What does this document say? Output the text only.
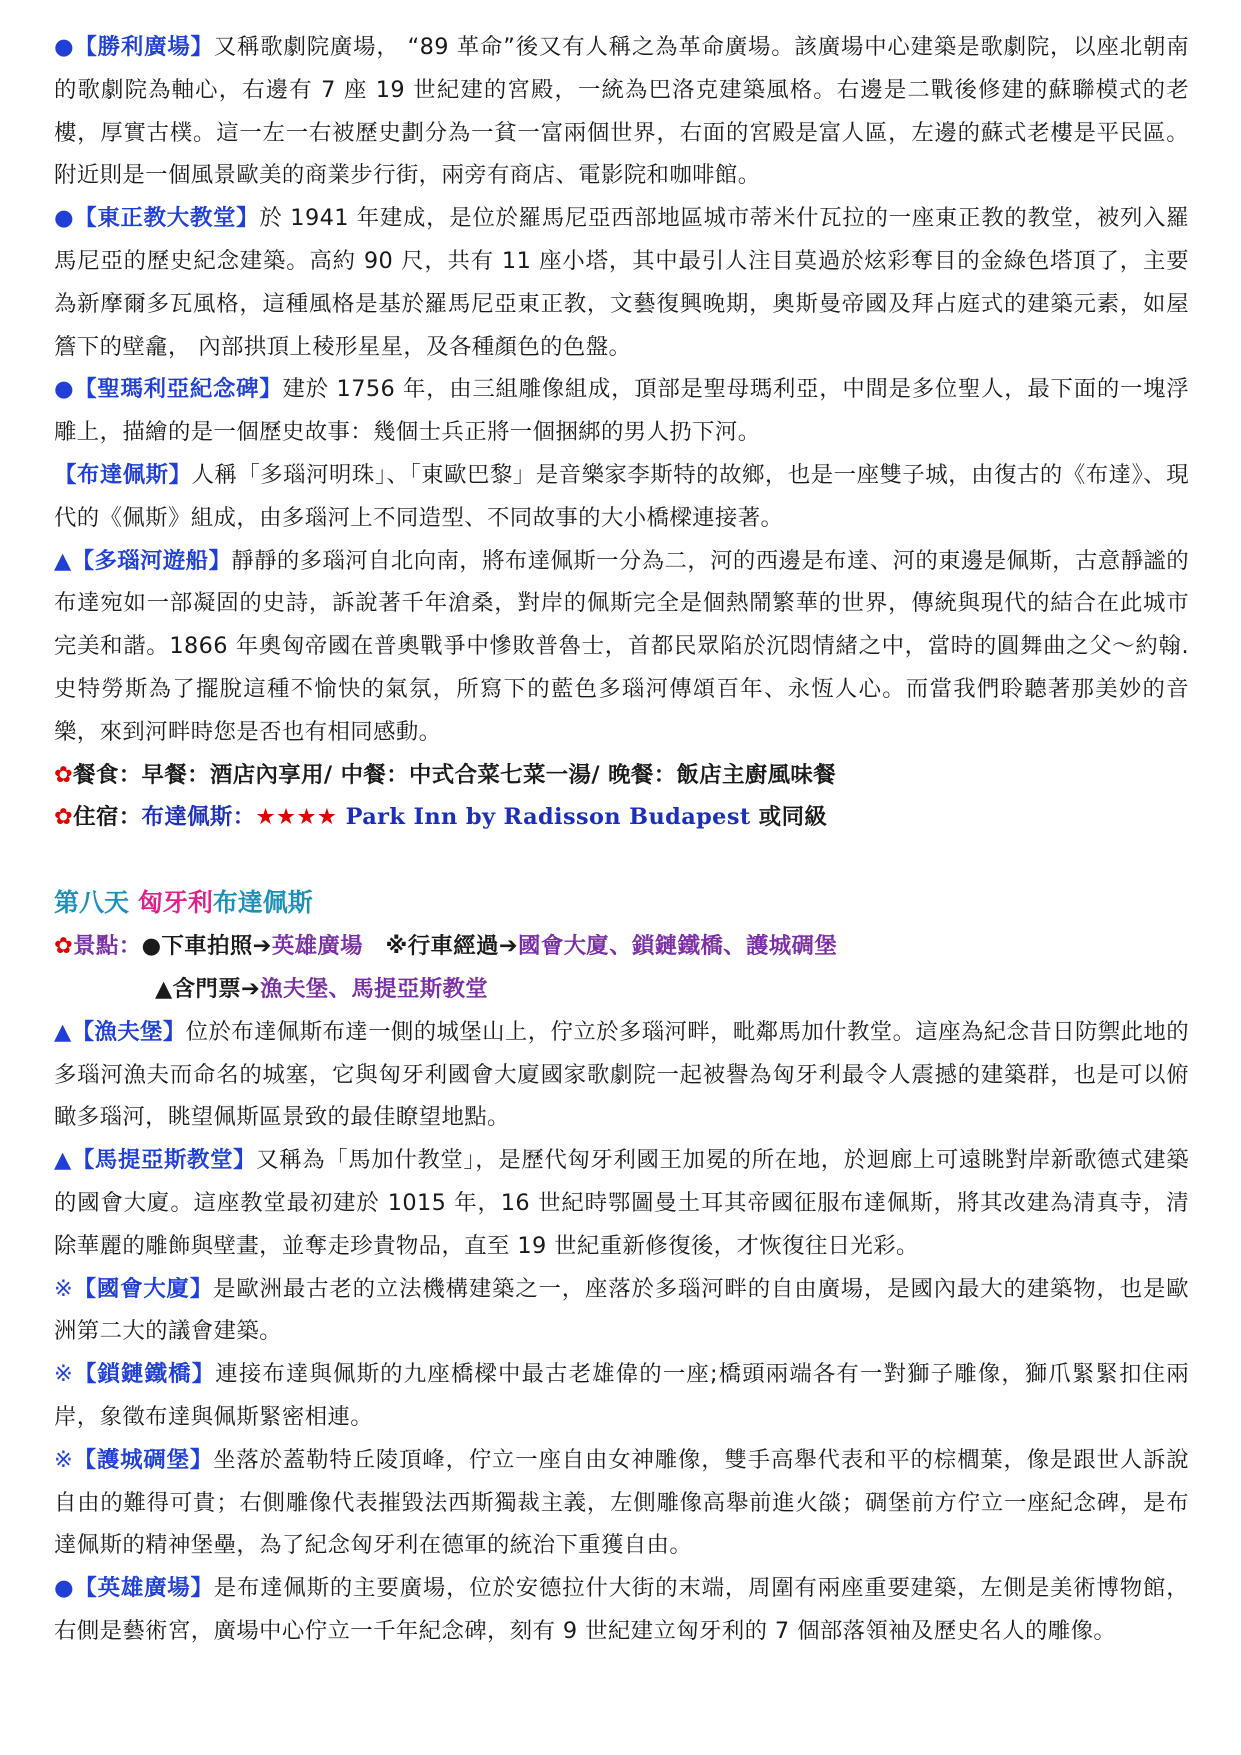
●【勝利廣場】又稱歌劇院廣場， “89 革命”後又有人稱之為革命廣場。該廣場中心建築是歌劇院，以座北朝南的歌劇院為軸心，右邊有 7 座 19 世紀建的宮殿，一統為巴洛克建築風格。右邊是二戰後修建的蘇聯模式的老樓，厚實古樸。這一左一右被歷史劃分為一貧一富兩個世界，右面的宮殿是富人區，左邊的蘇式老樓是平民區。附近則是一個風景歐美的商業步行街，兩旁有商店、電影院和咖啡館。

●【東正教大教堂】於 1941 年建成，是位於羅馬尼亞西部地區城市蒂米什瓦拉的一座東正教的教堂，被列入羅馬尼亞的歷史紀念建築。高約 90 尺，共有 11 座小塔，其中最引人注目莫過於炫彩奪目的金綠色塔頂了，主要為新摩爾多瓦風格，這種風格是基於羅馬尼亞東正教，文藝復興晚期，奧斯曼帝國及拜占庭式的建築元素，如屋簷下的壁龕， 內部拱頂上稜形星星，及各種顏色的色盤。

●【聖瑪利亞紀念碑】建於 1756 年，由三組雕像組成，頂部是聖母瑪利亞，中間是多位聖人，最下面的一塊浮雕上，描繪的是一個歷史故事：幾個士兵正將一個捆綁的男人扔下河。

【布達佩斯】人稱「多瑙河明珠」、「東歐巴黎」是音樂家李斯特的故鄉，也是一座雙子城，由復古的《布達》、現代的《佩斯》組成，由多瑙河上不同造型、不同故事的大小橋樑連接著。

▲【多瑙河遊船】靜靜的多瑙河自北向南，將布達佩斯一分為二，河的西邊是布達、河的東邊是佩斯，古意靜謐的布達宛如一部凝固的史詩，訴說著千年滄桑，對岸的佩斯完全是個熱鬧繁華的世界，傳統與現代的結合在此城市完美和諧。1866 年奧匈帝國在普奧戰爭中慘敗普魯士，首都民眾陷於沉悶情緒之中，當時的圓舞曲之父～約翰.史特勞斯為了擺脫這種不愉快的氣氛，所寫下的藍色多瑙河傳頌百年、永恆人心。而當我們聆聽著那美妙的音樂，來到河畔時您是否也有相同感動。

✿餐食：早餐：酒店內享用/ 中餐：中式合菜七菜一湯/ 晚餐：飯店主廚風味餐

✿住宿：布達佩斯：★★★★ Park Inn by Radisson Budapest 或同級

第八天 匈牙利布達佩斯

✿景點：●下車拍照➔英雄廣場 ※行車經過➔國會大廈、鎖鏈鐵橋、護城碉堡

▲含門票➔漁夫堡、馬提亞斯教堂

▲【漁夫堡】位於布達佩斯布達一側的城堡山上，佇立於多瑙河畔，毗鄰馬加什教堂。這座為紀念昔日防禦此地的多瑙河漁夫而命名的城塞，它與匈牙利國會大廈國家歌劇院一起被譽為匈牙利最令人震撼的建築群，也是可以俯瞰多瑙河，眺望佩斯區景致的最佳瞭望地點。

▲【馬提亞斯教堂】又稱為「馬加什教堂」，是歷代匈牙利國王加冕的所在地，於迴廊上可遠眺對岸新歌德式建築的國會大廈。這座教堂最初建於 1015 年，16 世紀時鄂圖曼土耳其帝國征服布達佩斯，將其改建為清真寺，清除華麗的雕飾與壁畫，並奪走珍貴物品，直至 19 世紀重新修復後，才恢復往日光彩。

※【國會大廈】是歐洲最古老的立法機構建築之一，座落於多瑙河畔的自由廣場，是國內最大的建築物，也是歐洲第二大的議會建築。

※【鎖鏈鐵橋】連接布達與佩斯的九座橋樑中最古老雄偉的一座;橋頭兩端各有一對獅子雕像，獅爪緊緊扣住兩岸，象徵布達與佩斯緊密相連。

※【護城碉堡】坐落於蓋勒特丘陵頂峰，佇立一座自由女神雕像，雙手高舉代表和平的棕櫚葉，像是跟世人訴說自由的難得可貴；右側雕像代表摧毀法西斯獨裁主義，左側雕像高舉前進火燄；碉堡前方佇立一座紀念碑，是布達佩斯的精神堡壘，為了紀念匈牙利在德軍的統治下重獲自由。

●【英雄廣場】是布達佩斯的主要廣場，位於安德拉什大街的末端，周圍有兩座重要建築，左側是美術博物館，右側是藝術宮，廣場中心佇立一千年紀念碑，刻有 9 世紀建立匈牙利的 7 個部落領袖及歷史名人的雕像。
